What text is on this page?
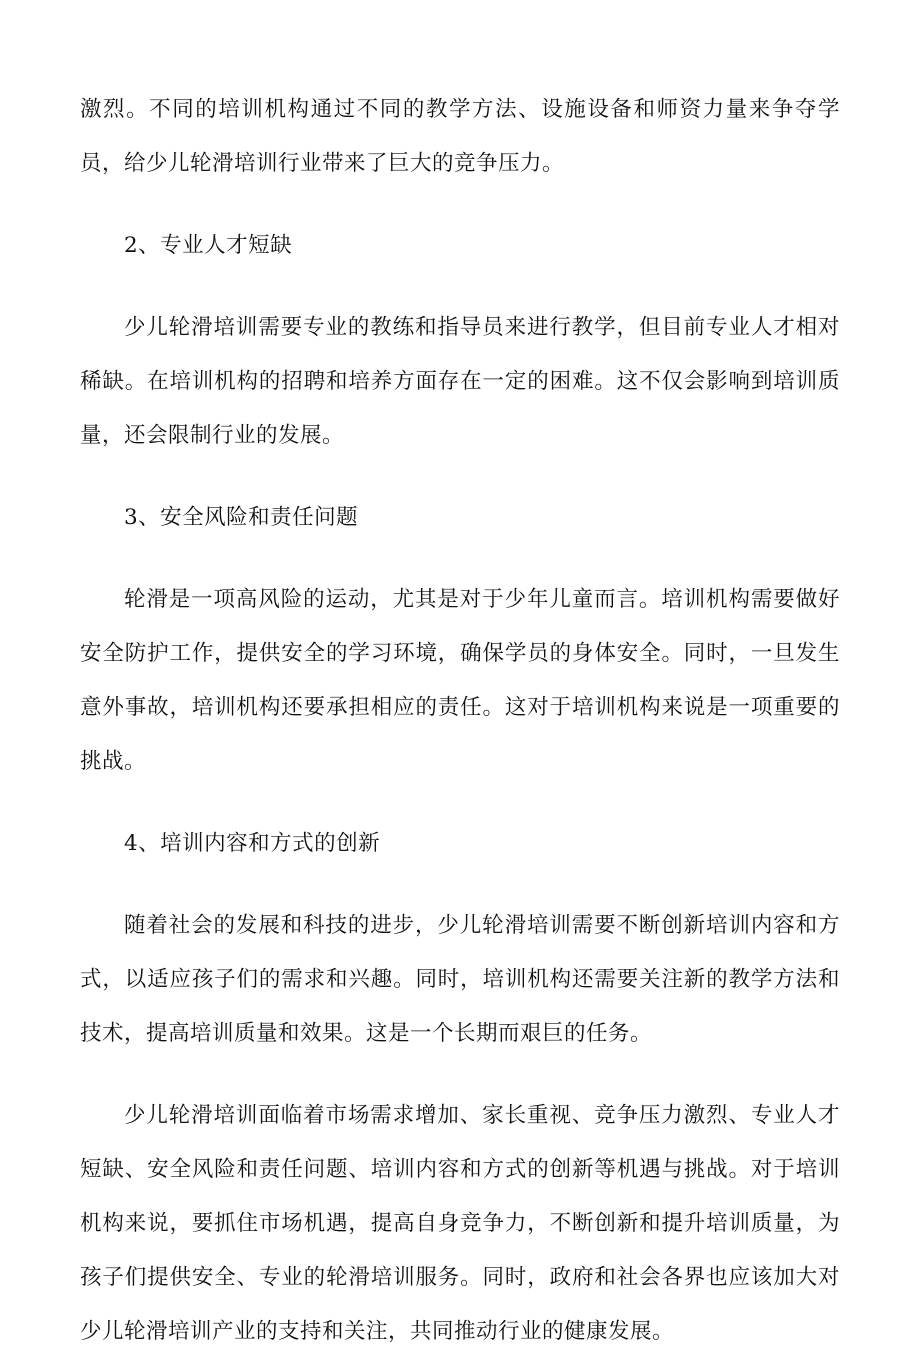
激烈。不同的培训机构通过不同的教学方法、设施设备和师资力量来争夺学员，给少儿轮滑培训行业带来了巨大的竞争压力。

2、专业人才短缺

少儿轮滑培训需要专业的教练和指导员来进行教学，但目前专业人才相对稀缺。在培训机构的招聘和培养方面存在一定的困难。这不仅会影响到培训质量，还会限制行业的发展。

3、安全风险和责任问题

轮滑是一项高风险的运动，尤其是对于少年儿童而言。培训机构需要做好安全防护工作，提供安全的学习环境，确保学员的身体安全。同时，一旦发生意外事故，培训机构还要承担相应的责任。这对于培训机构来说是一项重要的挑战。

4、培训内容和方式的创新

随着社会的发展和科技的进步，少儿轮滑培训需要不断创新培训内容和方式，以适应孩子们的需求和兴趣。同时，培训机构还需要关注新的教学方法和技术，提高培训质量和效果。这是一个长期而艰巨的任务。

少儿轮滑培训面临着市场需求增加、家长重视、竞争压力激烈、专业人才短缺、安全风险和责任问题、培训内容和方式的创新等机遇与挑战。对于培训机构来说，要抓住市场机遇，提高自身竞争力，不断创新和提升培训质量，为孩子们提供安全、专业的轮滑培训服务。同时，政府和社会各界也应该加大对少儿轮滑培训产业的支持和关注，共同推动行业的健康发展。
